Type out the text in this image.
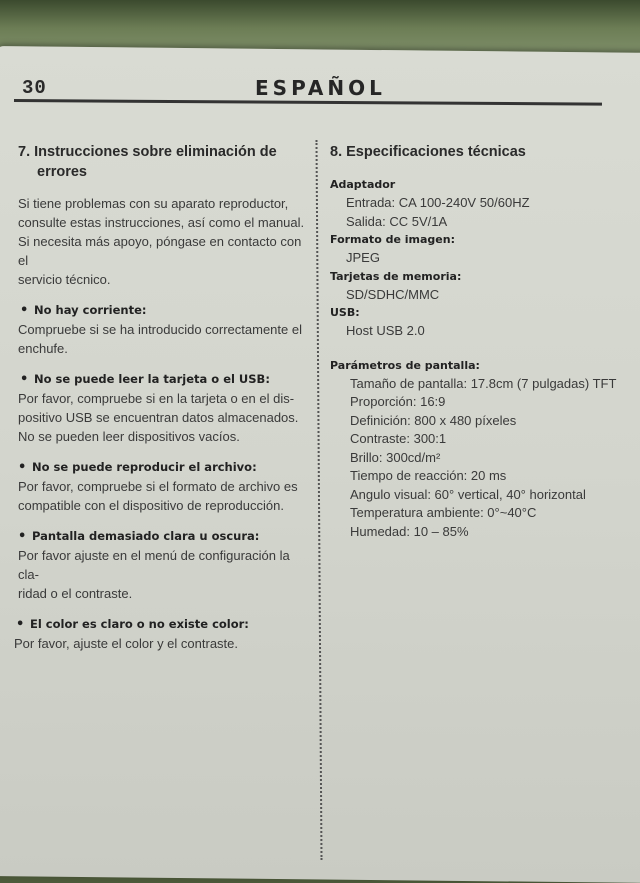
30	ESPAÑOL
7. Instrucciones sobre eliminación de
errores

Si tiene problemas con su aparato reproductor,

consulte estas instrucciones, así como el manual.

Si necesita más apoyo, póngase en contacto con el

servicio técnico.

• No hay corriente:

Compruebe si se ha introducido correctamente el

enchufe.

• No se puede leer la tarjeta o el USB:

Por favor, compruebe si en la tarjeta o en el dis-

positivo USB se encuentran datos almacenados.

No se pueden leer dispositivos vacíos.

• No se puede reproducir el archivo:

Por favor, compruebe si el formato de archivo es

compatible con el dispositivo de reproducción.

• Pantalla demasiado clara u oscura:

Por favor ajuste en el menú de configuración la cla-

ridad o el contraste.

• El color es claro o no existe color:

Por favor, ajuste el color y el contraste.

8. Especificaciones técnicas
Adaptador
Entrada: CA 100-240V 50/60HZ
Salida: CC 5V/1A
Formato de imagen:
JPEG
Tarjetas de memoria:
SD/SDHC/MMC
USB:
Host USB 2.0
Parámetros de pantalla:
Tamaño de pantalla: 17.8cm (7 pulgadas) TFT
Proporción: 16:9
Definición: 800 x 480 píxeles
Contraste: 300:1
Brillo: 300cd/m²
Tiempo de reacción: 20 ms
Angulo visual: 60° vertical, 40° horizontal
Temperatura ambiente: 0°~40°C
Humedad: 10 – 85%
